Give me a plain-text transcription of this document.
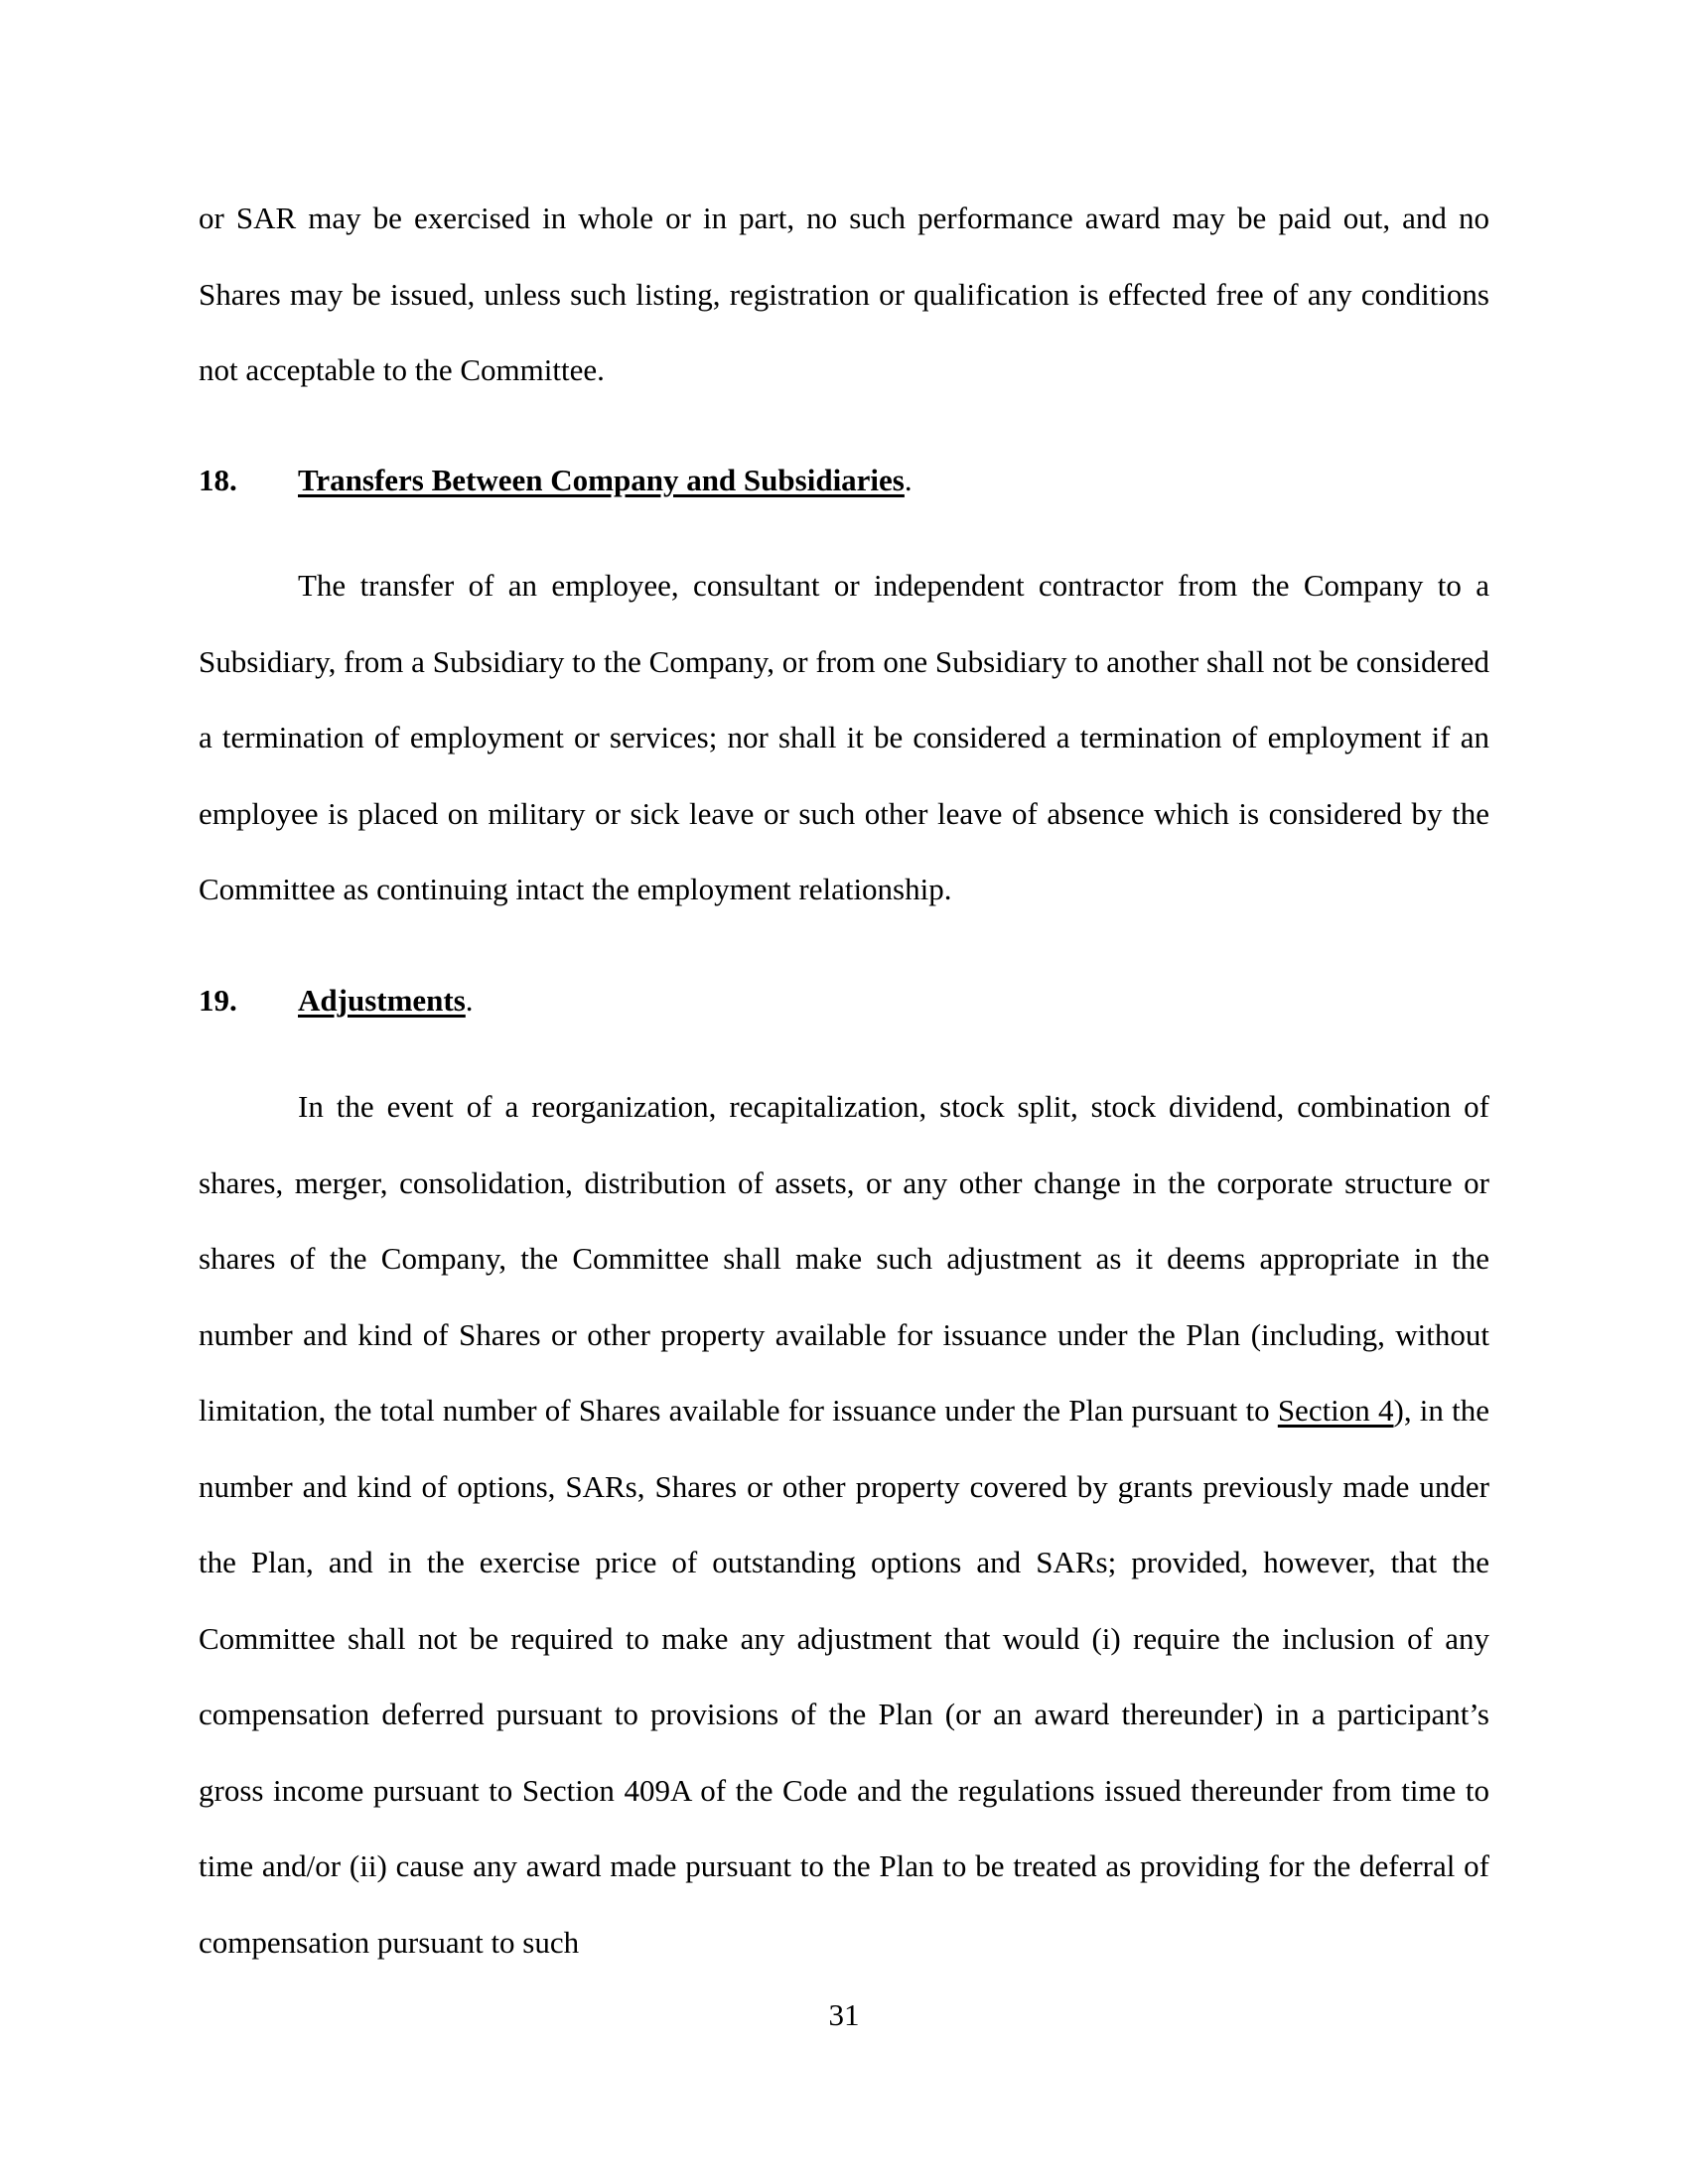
or SAR may be exercised in whole or in part, no such performance award may be paid out, and no Shares may be issued, unless such listing, registration or qualification is effected free of any conditions not acceptable to the Committee.

18. Transfers Between Company and Subsidiaries.

The transfer of an employee, consultant or independent contractor from the Company to a Subsidiary, from a Subsidiary to the Company, or from one Subsidiary to another shall not be considered a termination of employment or services; nor shall it be considered a termination of employment if an employee is placed on military or sick leave or such other leave of absence which is considered by the Committee as continuing intact the employment relationship.

19. Adjustments.

In the event of a reorganization, recapitalization, stock split, stock dividend, combination of shares, merger, consolidation, distribution of assets, or any other change in the corporate structure or shares of the Company, the Committee shall make such adjustment as it deems appropriate in the number and kind of Shares or other property available for issuance under the Plan (including, without limitation, the total number of Shares available for issuance under the Plan pursuant to Section 4), in the number and kind of options, SARs, Shares or other property covered by grants previously made under the Plan, and in the exercise price of outstanding options and SARs; provided, however, that the Committee shall not be required to make any adjustment that would (i) require the inclusion of any compensation deferred pursuant to provisions of the Plan (or an award thereunder) in a participant’s gross income pursuant to Section 409A of the Code and the regulations issued thereunder from time to time and/or (ii) cause any award made pursuant to the Plan to be treated as providing for the deferral of compensation pursuant to such

31
